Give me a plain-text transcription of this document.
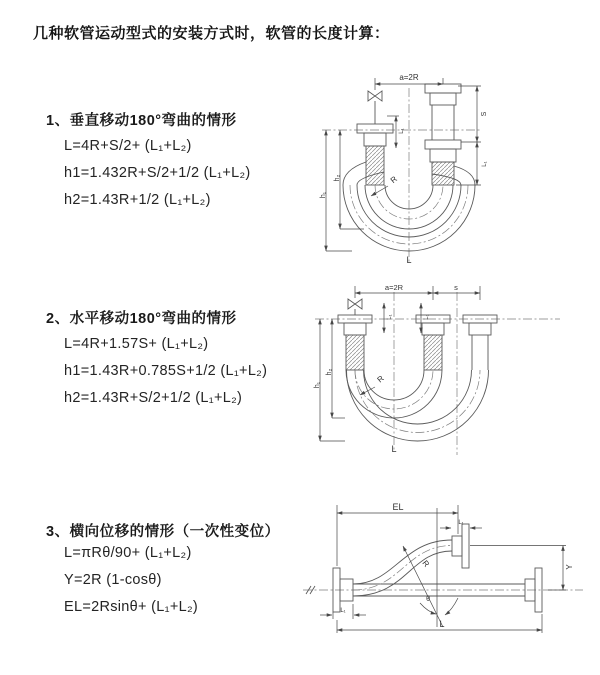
几种软管运动型式的安装方式时，软管的长度计算：
1、垂直移动180°弯曲的情形
L=4R+S/2+ (L₁+L₂)
h1=1.432R+S/2+1/2 (L₁+L₂)
h2=1.43R+1/2 (L₁+L₂)
2、水平移动180°弯曲的情形
L=4R+1.57S+ (L₁+L₂)
h1=1.43R+0.785S+1/2 (L₁+L₂)
h2=1.43R+S/2+1/2 (L₁+L₂)
3、横向位移的情形（一次性变位）
L=πRθ/90+ (L₁+L₂)
Y=2R (1-cosθ)
EL=2Rsinθ+ (L₁+L₂)
a=2R
S
L₁
L₁
h₂
h₁
R
L
a=2R	s
L₁	L₁
h₂
h₁
R
L
EL
L₁
Y
R
θ
L₁
L
